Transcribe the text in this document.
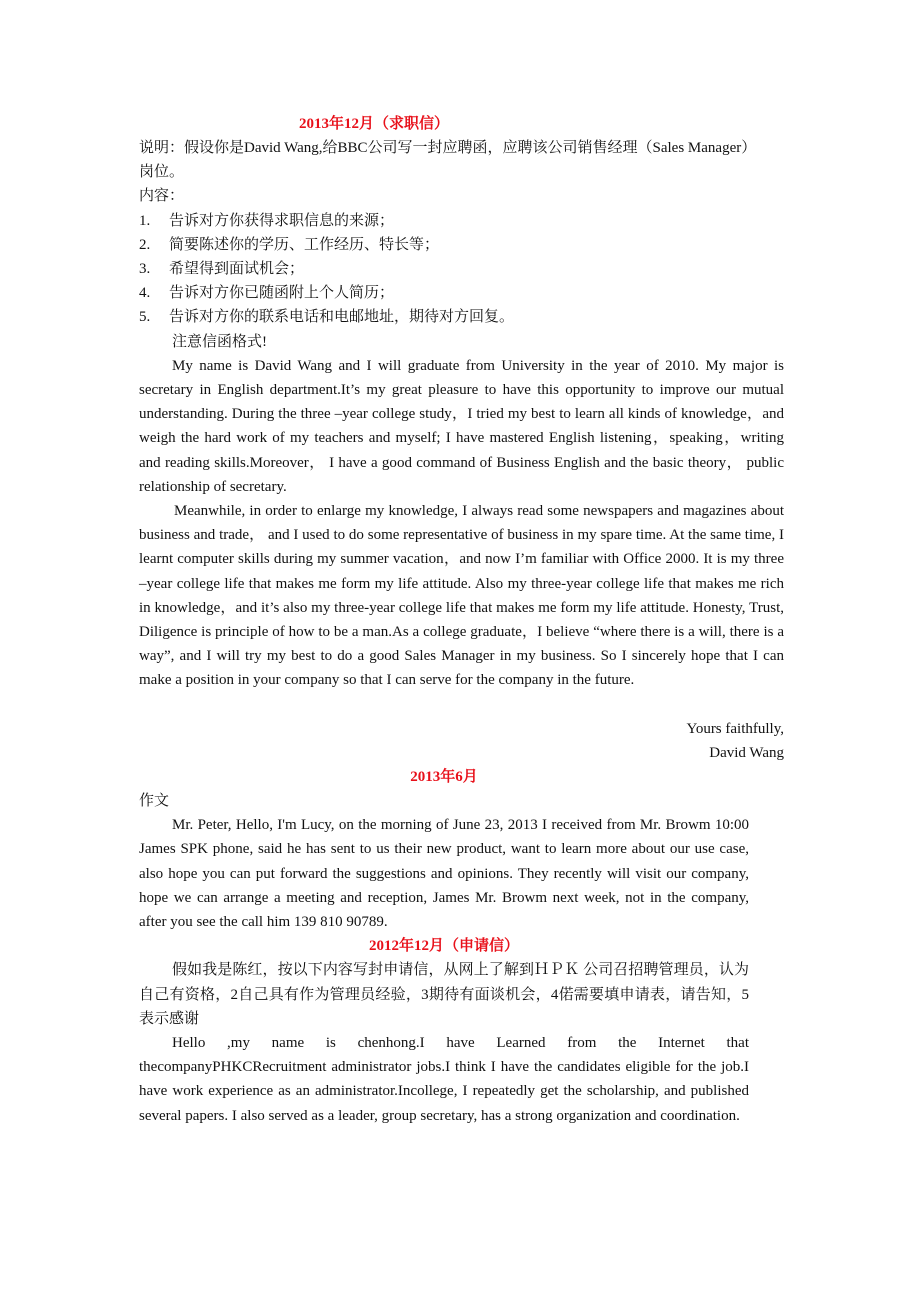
2013年12月（求职信）
说明：假设你是David Wang,给BBC公司写一封应聘函，应聘该公司销售经理（Sales Manager）
岗位。
内容：
1.	告诉对方你获得求职信息的来源；
2.	简要陈述你的学历、工作经历、特长等；
3.	希望得到面试机会；
4.	告诉对方你已随函附上个人简历；
5.	告诉对方你的联系电话和电邮地址，期待对方回复。
注意信函格式!
My name is David Wang and I will graduate from University in the year of 2010. My major is secretary in English department.It’s my great pleasure to have this opportunity to improve our mutual understanding. During the three –year college study，I tried my best to learn all kinds of knowledge，and weigh the hard work of my teachers and myself; I have mastered English listening，speaking，writing and reading skills.Moreover， I have a good command of Business English and the basic theory， public relationship of secretary.
Meanwhile, in order to enlarge my knowledge, I always read some newspapers and magazines about business and trade， and I used to do some representative of business in my spare time. At the same time, I learnt computer skills during my summer vacation，and now I’m familiar with Office 2000. It is my three –year college life that makes me form my life attitude. Also my three-year college life that makes me rich in knowledge，and it’s also my three-year college life that makes me form my life attitude. Honesty, Trust, Diligence is principle of how to be a man.As a college graduate，I believe “where there is a will, there is a way”, and I will try my best to do a good Sales Manager in my business. So I sincerely hope that I can make a position in your company so that I can serve for the company in the future.
Yours faithfully,
David Wang
2013年6月
作文
Mr. Peter, Hello, I'm Lucy, on the morning of June 23, 2013 I received from Mr. Browm 10:00 James SPK phone, said he has sent to us their new product, want to learn more about our use case, also hope you can put forward the suggestions and opinions. They recently will visit our company, hope we can arrange a meeting and reception, James Mr. Browm next week, not in the company, after you see the call him 139 810 90789.
2012年12月（申请信）
假如我是陈红，按以下内容写封申请信，从网上了解到ＨＰＫ 公司召招聘管理员，认为自己有资格，2自己具有作为管理员经验，3期待有面谈机会，4偌需要填申请表，请告知，5表示感谢
Hello ,my name is chenhong.I have Learned from the Internet that thecompanyPHKCRecruitment administrator jobs.I think I have the candidates eligible for the job.I have work experience as an administrator.Incollege, I repeatedly get the scholarship, and published several papers. I also served as a leader, group secretary, has a strong organization and coordination.
